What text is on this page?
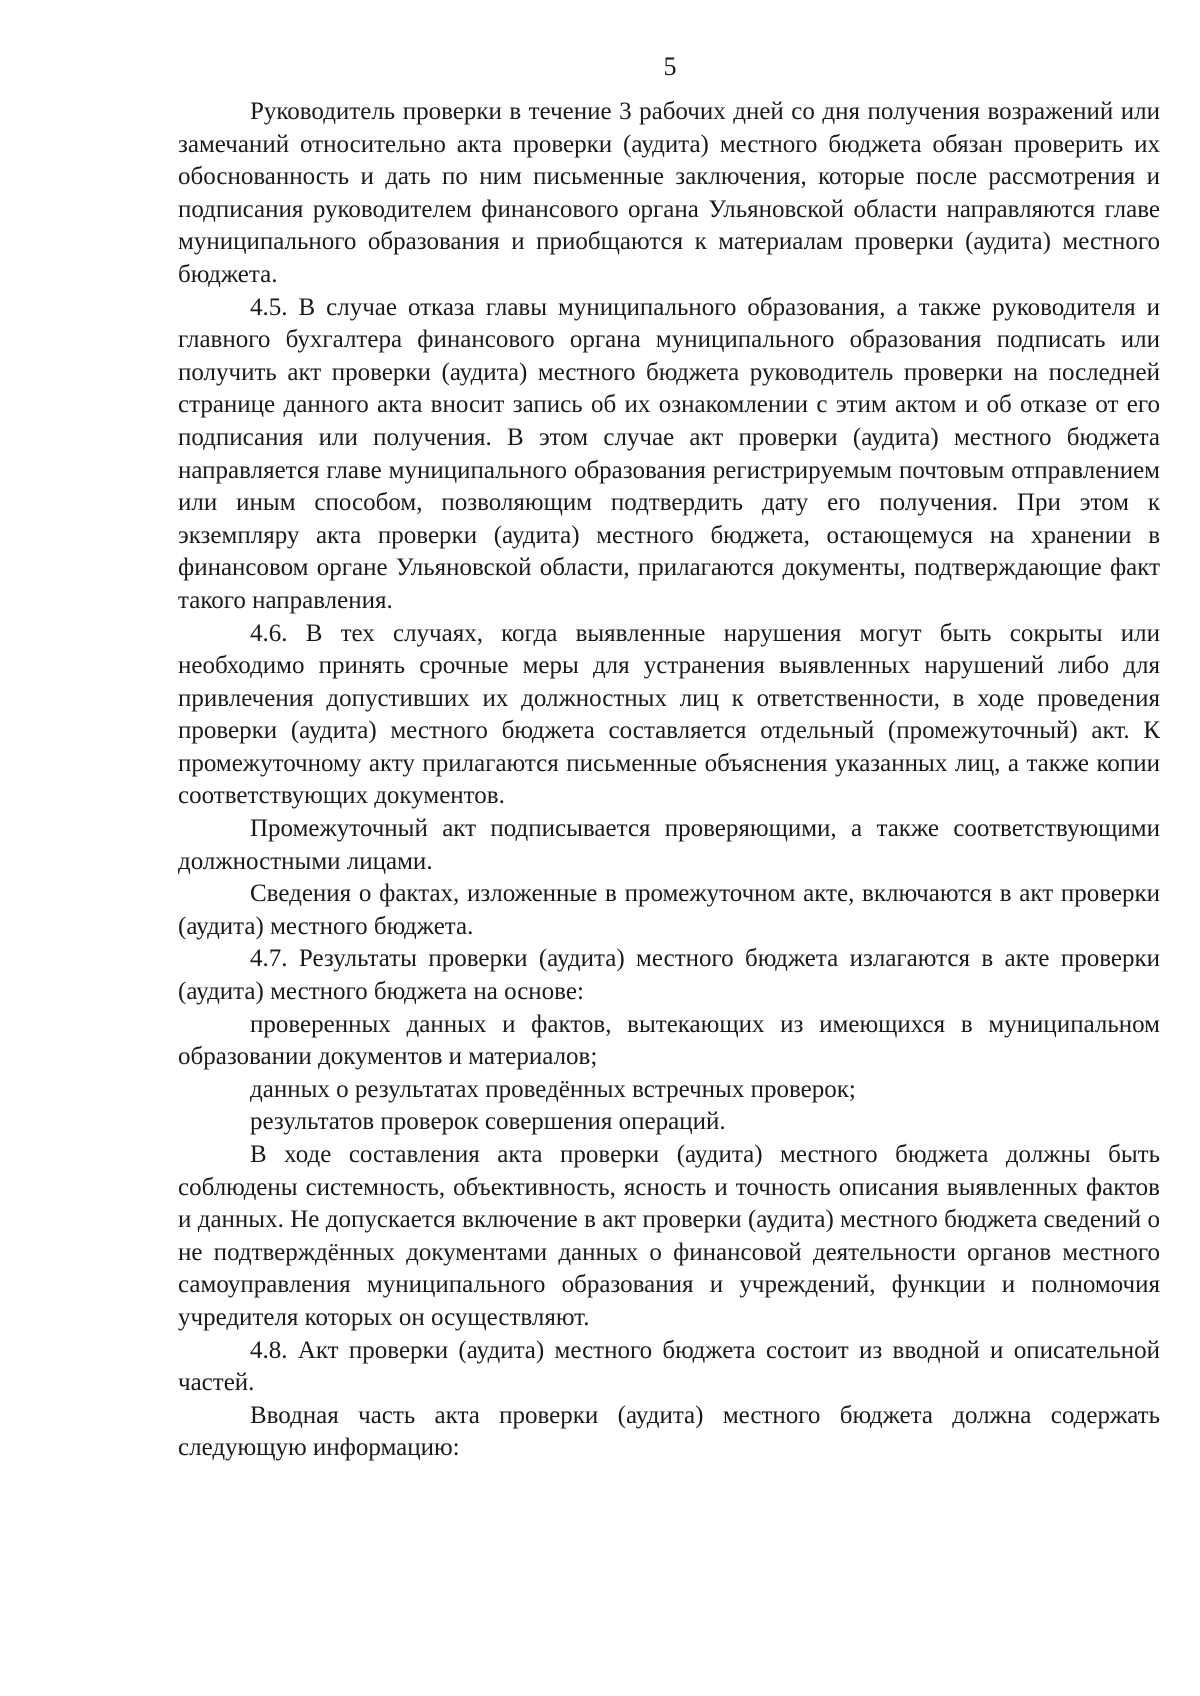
5

Руководитель проверки в течение 3 рабочих дней со дня получения возражений или замечаний относительно акта проверки (аудита) местного бюджета обязан проверить их обоснованность и дать по ним письменные заключения, которые после рассмотрения и подписания руководителем финансового органа Ульяновской области направляются главе муниципального образования и приобщаются к материалам проверки (аудита) местного бюджета.

4.5. В случае отказа главы муниципального образования, а также руководителя и главного бухгалтера финансового органа муниципального образования подписать или получить акт проверки (аудита) местного бюджета руководитель проверки на последней странице данного акта вносит запись об их ознакомлении с этим актом и об отказе от его подписания или получения. В этом случае акт проверки (аудита) местного бюджета направляется главе муниципального образования регистрируемым почтовым отправлением или иным способом, позволяющим подтвердить дату его получения. При этом к экземпляру акта проверки (аудита) местного бюджета, остающемуся на хранении в финансовом органе Ульяновской области, прилагаются документы, подтверждающие факт такого направления.

4.6. В тех случаях, когда выявленные нарушения могут быть сокрыты или необходимо принять срочные меры для устранения выявленных нарушений либо для привлечения допустивших их должностных лиц к ответственности, в ходе проведения проверки (аудита) местного бюджета составляется отдельный (промежуточный) акт. К промежуточному акту прилагаются письменные объяснения указанных лиц, а также копии соответствующих документов.

Промежуточный акт подписывается проверяющими, а также соответствующими должностными лицами.

Сведения о фактах, изложенные в промежуточном акте, включаются в акт проверки (аудита) местного бюджета.

4.7. Результаты проверки (аудита) местного бюджета излагаются в акте проверки (аудита) местного бюджета на основе:

проверенных данных и фактов, вытекающих из имеющихся в муниципальном образовании документов и материалов;

данных о результатах проведённых встречных проверок;

результатов проверок совершения операций.

В ходе составления акта проверки (аудита) местного бюджета должны быть соблюдены системность, объективность, ясность и точность описания выявленных фактов и данных. Не допускается включение в акт проверки (аудита) местного бюджета сведений о не подтверждённых документами данных о финансовой деятельности органов местного самоуправления муниципального образования и учреждений, функции и полномочия учредителя которых он осуществляют.

4.8. Акт проверки (аудита) местного бюджета состоит из вводной и описательной частей.

Вводная часть акта проверки (аудита) местного бюджета должна содержать следующую информацию:
